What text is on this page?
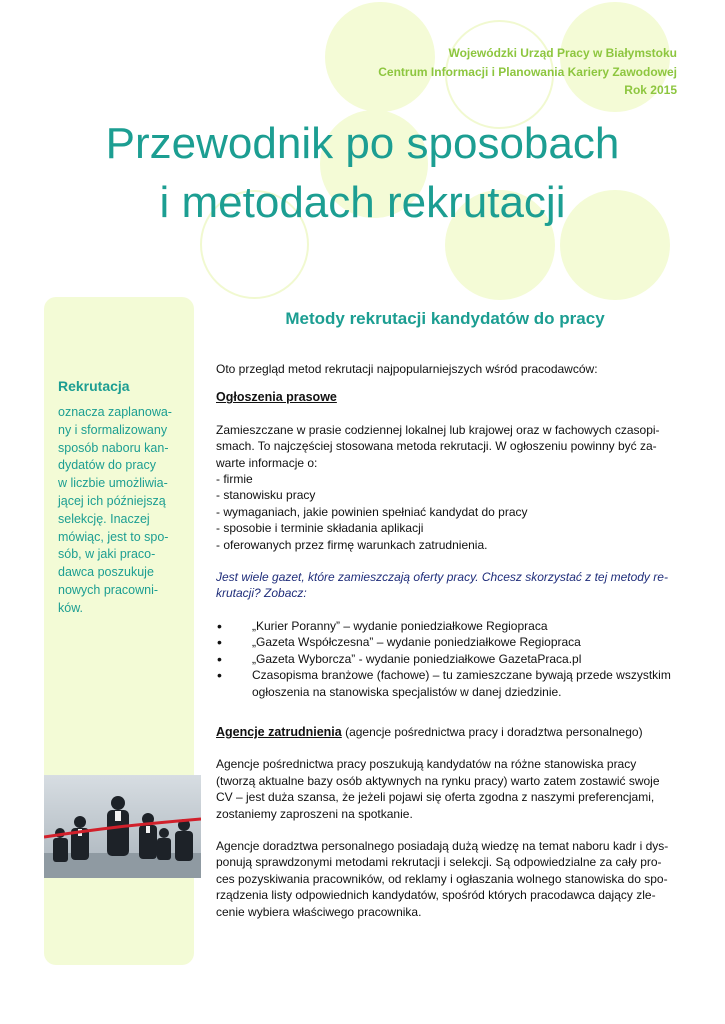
Wojewódzki Urząd Pracy w Białymstoku
Centrum Informacji i Planowania Kariery Zawodowej
Rok 2015
Przewodnik po sposobach
i metodach rekrutacji
Rekrutacja
oznacza zaplanowa-
ny i sformalizowany
sposób naboru kan-
dydatów do pracy
w liczbie umożliwia-
jącej ich późniejszą
selekcję. Inaczej
mówiąc, jest to spo-
sób, w jaki praco-
dawca poszukuje
nowych pracowni-
ków.
Metody rekrutacji kandydatów do pracy

Oto przegląd metod rekrutacji najpopularniejszych wśród pracodawców:

Ogłoszenia prasowe

Zamieszczane w prasie codziennej lokalnej lub krajowej oraz w fachowych czasopi-

smach. To najczęściej stosowana metoda rekrutacji. W ogłoszeniu powinny być za-

warte informacje o:

- firmie
- stanowisku pracy
- wymaganiach, jakie powinien spełniać kandydat do pracy
- sposobie i terminie składania aplikacji
- oferowanych przez firmę warunkach zatrudnienia.

Jest wiele gazet, które zamieszczają oferty pracy. Chcesz skorzystać z tej metody re-

krutacji? Zobacz:

• „Kurier Poranny” – wydanie poniedziałkowe Regiopraca
• „Gazeta Współczesna” – wydanie poniedziałkowe Regiopraca
• „Gazeta Wyborcza” - wydanie poniedziałkowe GazetaPraca.pl
• Czasopisma branżowe (fachowe) – tu zamieszczane bywają przede wszystkim ogłoszenia na stanowiska specjalistów w danej dziedzinie.

Agencje zatrudnienia (agencje pośrednictwa pracy i doradztwa personalnego)

Agencje pośrednictwa pracy poszukują kandydatów na różne stanowiska pracy

(tworzą aktualne bazy osób aktywnych na rynku pracy) warto zatem zostawić swoje

CV – jest duża szansa, że jeżeli pojawi się oferta zgodna z naszymi preferencjami,

zostaniemy zaproszeni na spotkanie.

Agencje doradztwa personalnego posiadają dużą wiedzę na temat naboru kadr i dys-

ponują sprawdzonymi metodami rekrutacji i selekcji. Są odpowiedzialne za cały pro-

ces pozyskiwania pracowników, od reklamy i ogłaszania wolnego stanowiska do spo-

rządzenia listy odpowiednich kandydatów, spośród których pracodawca dający zle-

cenie wybiera właściwego pracownika.
